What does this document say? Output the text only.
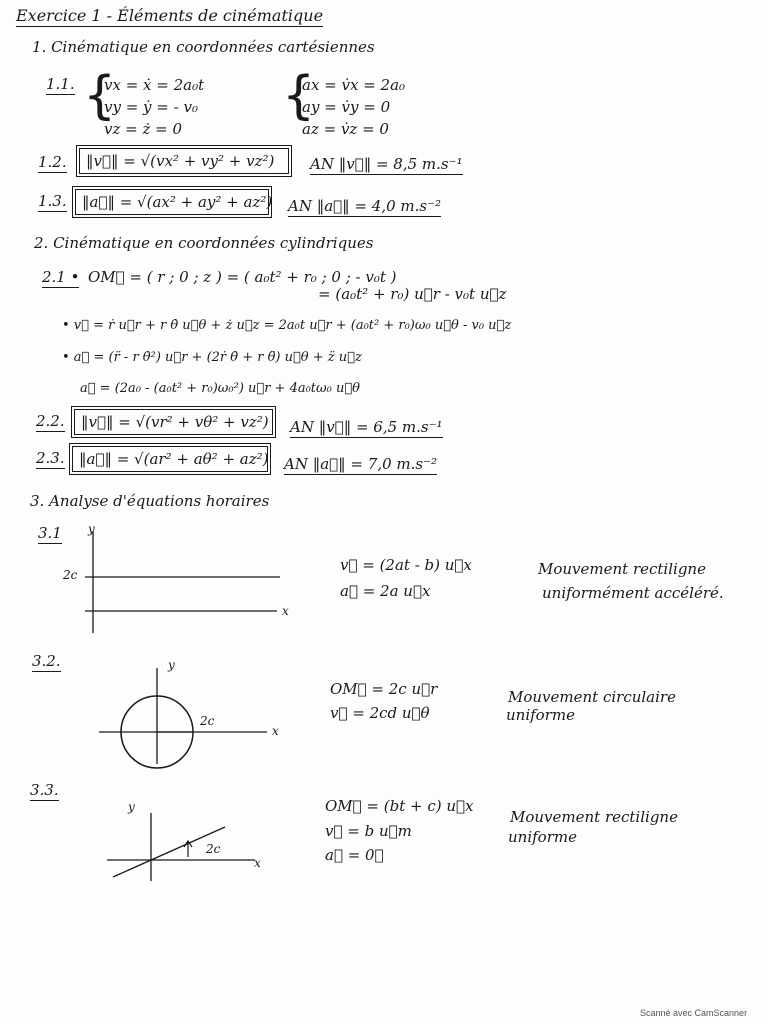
Exercice 1 - Éléments de cinématique
1. Cinématique en coordonnées cartésiennes
1.1. {
vx = ẋ = 2a₀t
vy = ẏ = - v₀
vz = ż = 0
{
ax = v̇x = 2a₀
ay = v̇y = 0
az = v̇z = 0
1.2.	‖v⃗‖ = √(vx² + vy² + vz²)	AN ‖v⃗‖ = 8,5 m.s⁻¹
1.3.	‖a⃗‖ = √(ax² + ay² + az²) AN ‖a⃗‖ = 4,0 m.s⁻²
2. Cinématique en coordonnées cylindriques
2.1 • OM⃗ = ( r ; 0 ; z ) = ( a₀t² + r₀ ; 0 ; - v₀t )
= (a₀t² + r₀) u⃗r - v₀t u⃗z
• v⃗ = ṙ u⃗r + r θ̇ u⃗θ + ż u⃗z = 2a₀t u⃗r + (a₀t² + r₀)ω₀ u⃗θ - v₀ u⃗z
• a⃗ = (r̈ - r θ̇²) u⃗r + (2ṙ θ̇ + r θ̈) u⃗θ + z̈ u⃗z
a⃗ = (2a₀ - (a₀t² + r₀)ω₀²) u⃗r + 4a₀tω₀ u⃗θ
2.2.	‖v⃗‖ = √(vr² + vθ² + vz²) AN ‖v⃗‖ = 6,5 m.s⁻¹
2.3. ‖a⃗‖ = √(ar² + aθ² + az²) AN ‖a⃗‖ = 7,0 m.s⁻²
3. Analyse d'équations horaires
3.1 y
x
2c
v⃗ = (2at - b) u⃗x
a⃗ = 2a u⃗x
Mouvement rectiligne
uniformément accéléré.
3.2.	y
x
2c
OM⃗ = 2c u⃗r
v⃗ = 2cd u⃗θ
Mouvement circulaire
uniforme
3.3.
y
x
2c
OM⃗ = (bt + c) u⃗x
v⃗ = b u⃗m
a⃗ = 0⃗
Mouvement rectiligne
uniforme
Scanné avec CamScanner
